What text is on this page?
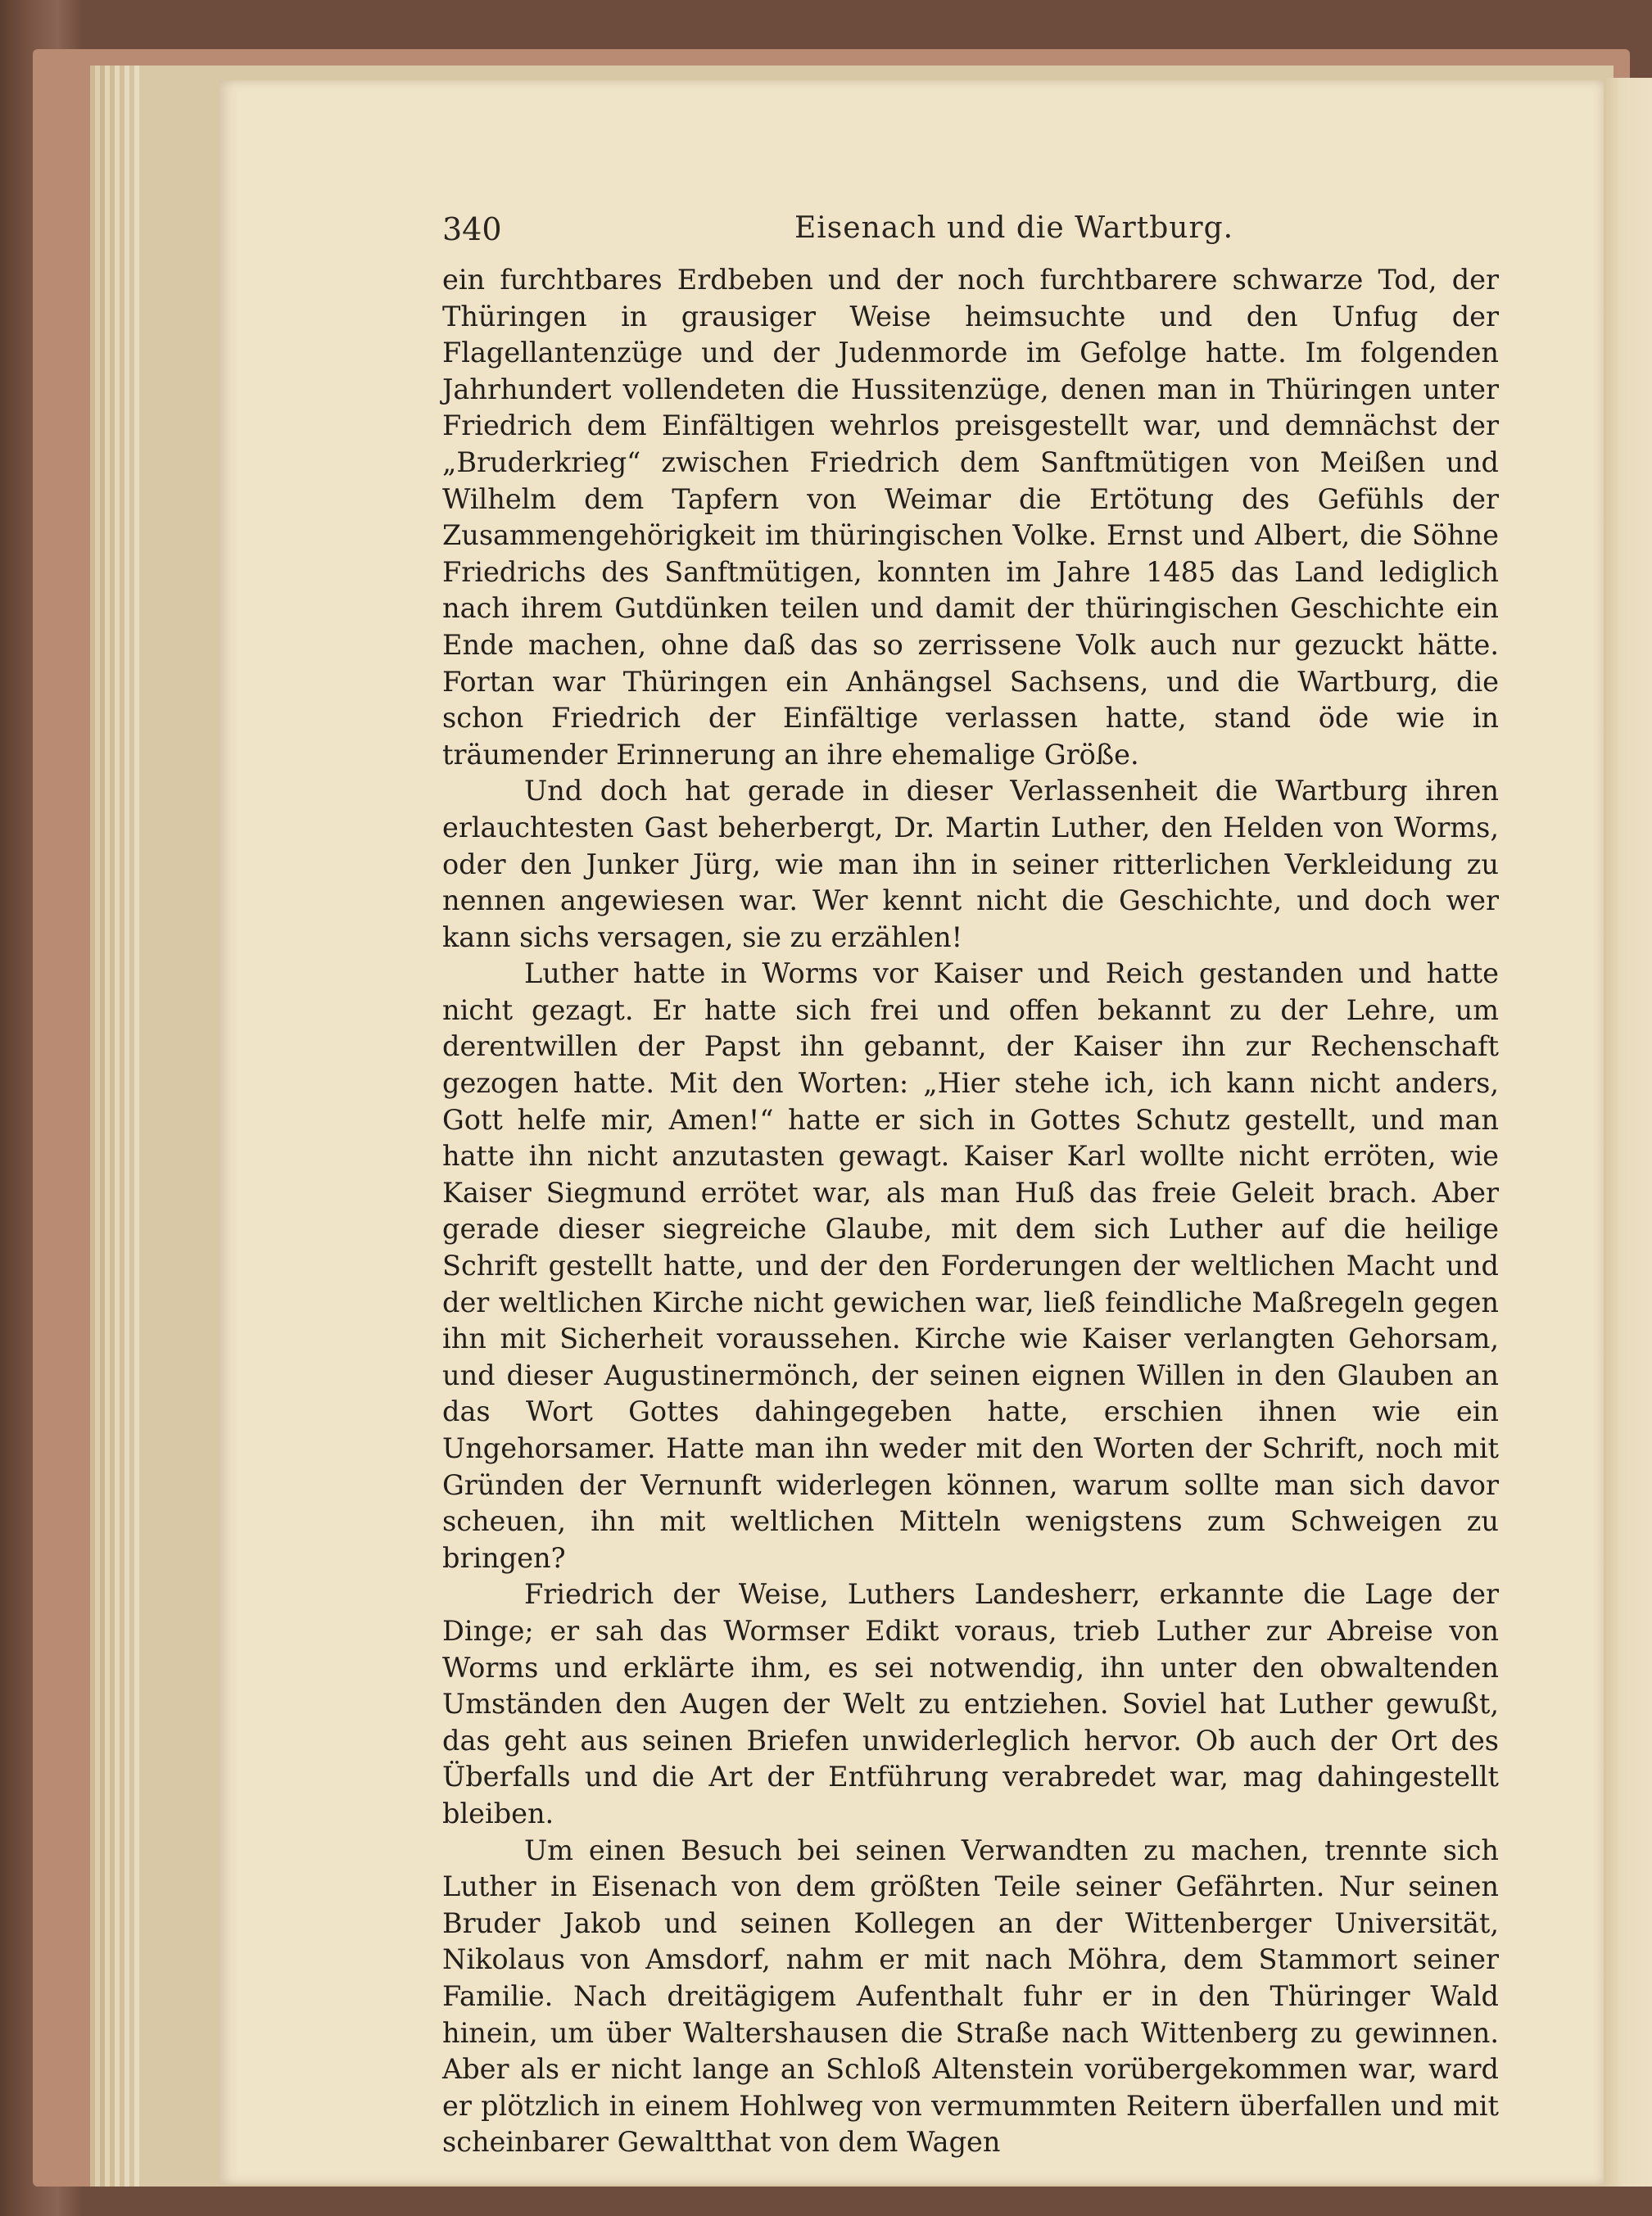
340	Eisenach und die Wartburg.

ein furchtbares Erdbeben und der noch furchtbarere schwarze Tod, der Thüringen in grausiger Weise heimsuchte und den Unfug der Flagellantenzüge und der Judenmorde im Gefolge hatte. Im folgenden Jahrhundert vollendeten die Hussitenzüge, denen man in Thüringen unter Friedrich dem Einfältigen wehrlos preisgestellt war, und demnächst der „Bruderkrieg“ zwischen Friedrich dem Sanftmütigen von Meißen und Wilhelm dem Tapfern von Weimar die Ertötung des Gefühls der Zusammengehörigkeit im thüringischen Volke. Ernst und Albert, die Söhne Friedrichs des Sanftmütigen, konnten im Jahre 1485 das Land lediglich nach ihrem Gutdünken teilen und damit der thüringischen Geschichte ein Ende machen, ohne daß das so zerrissene Volk auch nur gezuckt hätte. Fortan war Thüringen ein Anhängsel Sachsens, und die Wartburg, die schon Friedrich der Einfältige verlassen hatte, stand öde wie in träumender Erinnerung an ihre ehemalige Größe.

Und doch hat gerade in dieser Verlassenheit die Wartburg ihren erlauchtesten Gast beherbergt, Dr. Martin Luther, den Helden von Worms, oder den Junker Jürg, wie man ihn in seiner ritterlichen Verkleidung zu nennen angewiesen war. Wer kennt nicht die Geschichte, und doch wer kann sichs versagen, sie zu erzählen!

Luther hatte in Worms vor Kaiser und Reich gestanden und hatte nicht gezagt. Er hatte sich frei und offen bekannt zu der Lehre, um derentwillen der Papst ihn gebannt, der Kaiser ihn zur Rechenschaft gezogen hatte. Mit den Worten: „Hier stehe ich, ich kann nicht anders, Gott helfe mir, Amen!“ hatte er sich in Gottes Schutz gestellt, und man hatte ihn nicht anzutasten gewagt. Kaiser Karl wollte nicht erröten, wie Kaiser Siegmund errötet war, als man Huß das freie Geleit brach. Aber gerade dieser siegreiche Glaube, mit dem sich Luther auf die heilige Schrift gestellt hatte, und der den Forderungen der weltlichen Macht und der weltlichen Kirche nicht gewichen war, ließ feindliche Maßregeln gegen ihn mit Sicherheit voraussehen. Kirche wie Kaiser verlangten Gehorsam, und dieser Augustinermönch, der seinen eignen Willen in den Glauben an das Wort Gottes dahingegeben hatte, erschien ihnen wie ein Ungehorsamer. Hatte man ihn weder mit den Worten der Schrift, noch mit Gründen der Vernunft widerlegen können, warum sollte man sich davor scheuen, ihn mit weltlichen Mitteln wenigstens zum Schweigen zu bringen?

Friedrich der Weise, Luthers Landesherr, erkannte die Lage der Dinge; er sah das Wormser Edikt voraus, trieb Luther zur Abreise von Worms und erklärte ihm, es sei notwendig, ihn unter den obwaltenden Umständen den Augen der Welt zu entziehen. Soviel hat Luther gewußt, das geht aus seinen Briefen unwiderleglich hervor. Ob auch der Ort des Überfalls und die Art der Entführung verabredet war, mag dahingestellt bleiben.

Um einen Besuch bei seinen Verwandten zu machen, trennte sich Luther in Eisenach von dem größten Teile seiner Gefährten. Nur seinen Bruder Jakob und seinen Kollegen an der Wittenberger Universität, Nikolaus von Amsdorf, nahm er mit nach Möhra, dem Stammort seiner Familie. Nach dreitägigem Aufenthalt fuhr er in den Thüringer Wald hinein, um über Waltershausen die Straße nach Wittenberg zu gewinnen. Aber als er nicht lange an Schloß Altenstein vorübergekommen war, ward er plötzlich in einem Hohlweg von vermummten Reitern überfallen und mit scheinbarer Gewaltthat von dem Wagen
